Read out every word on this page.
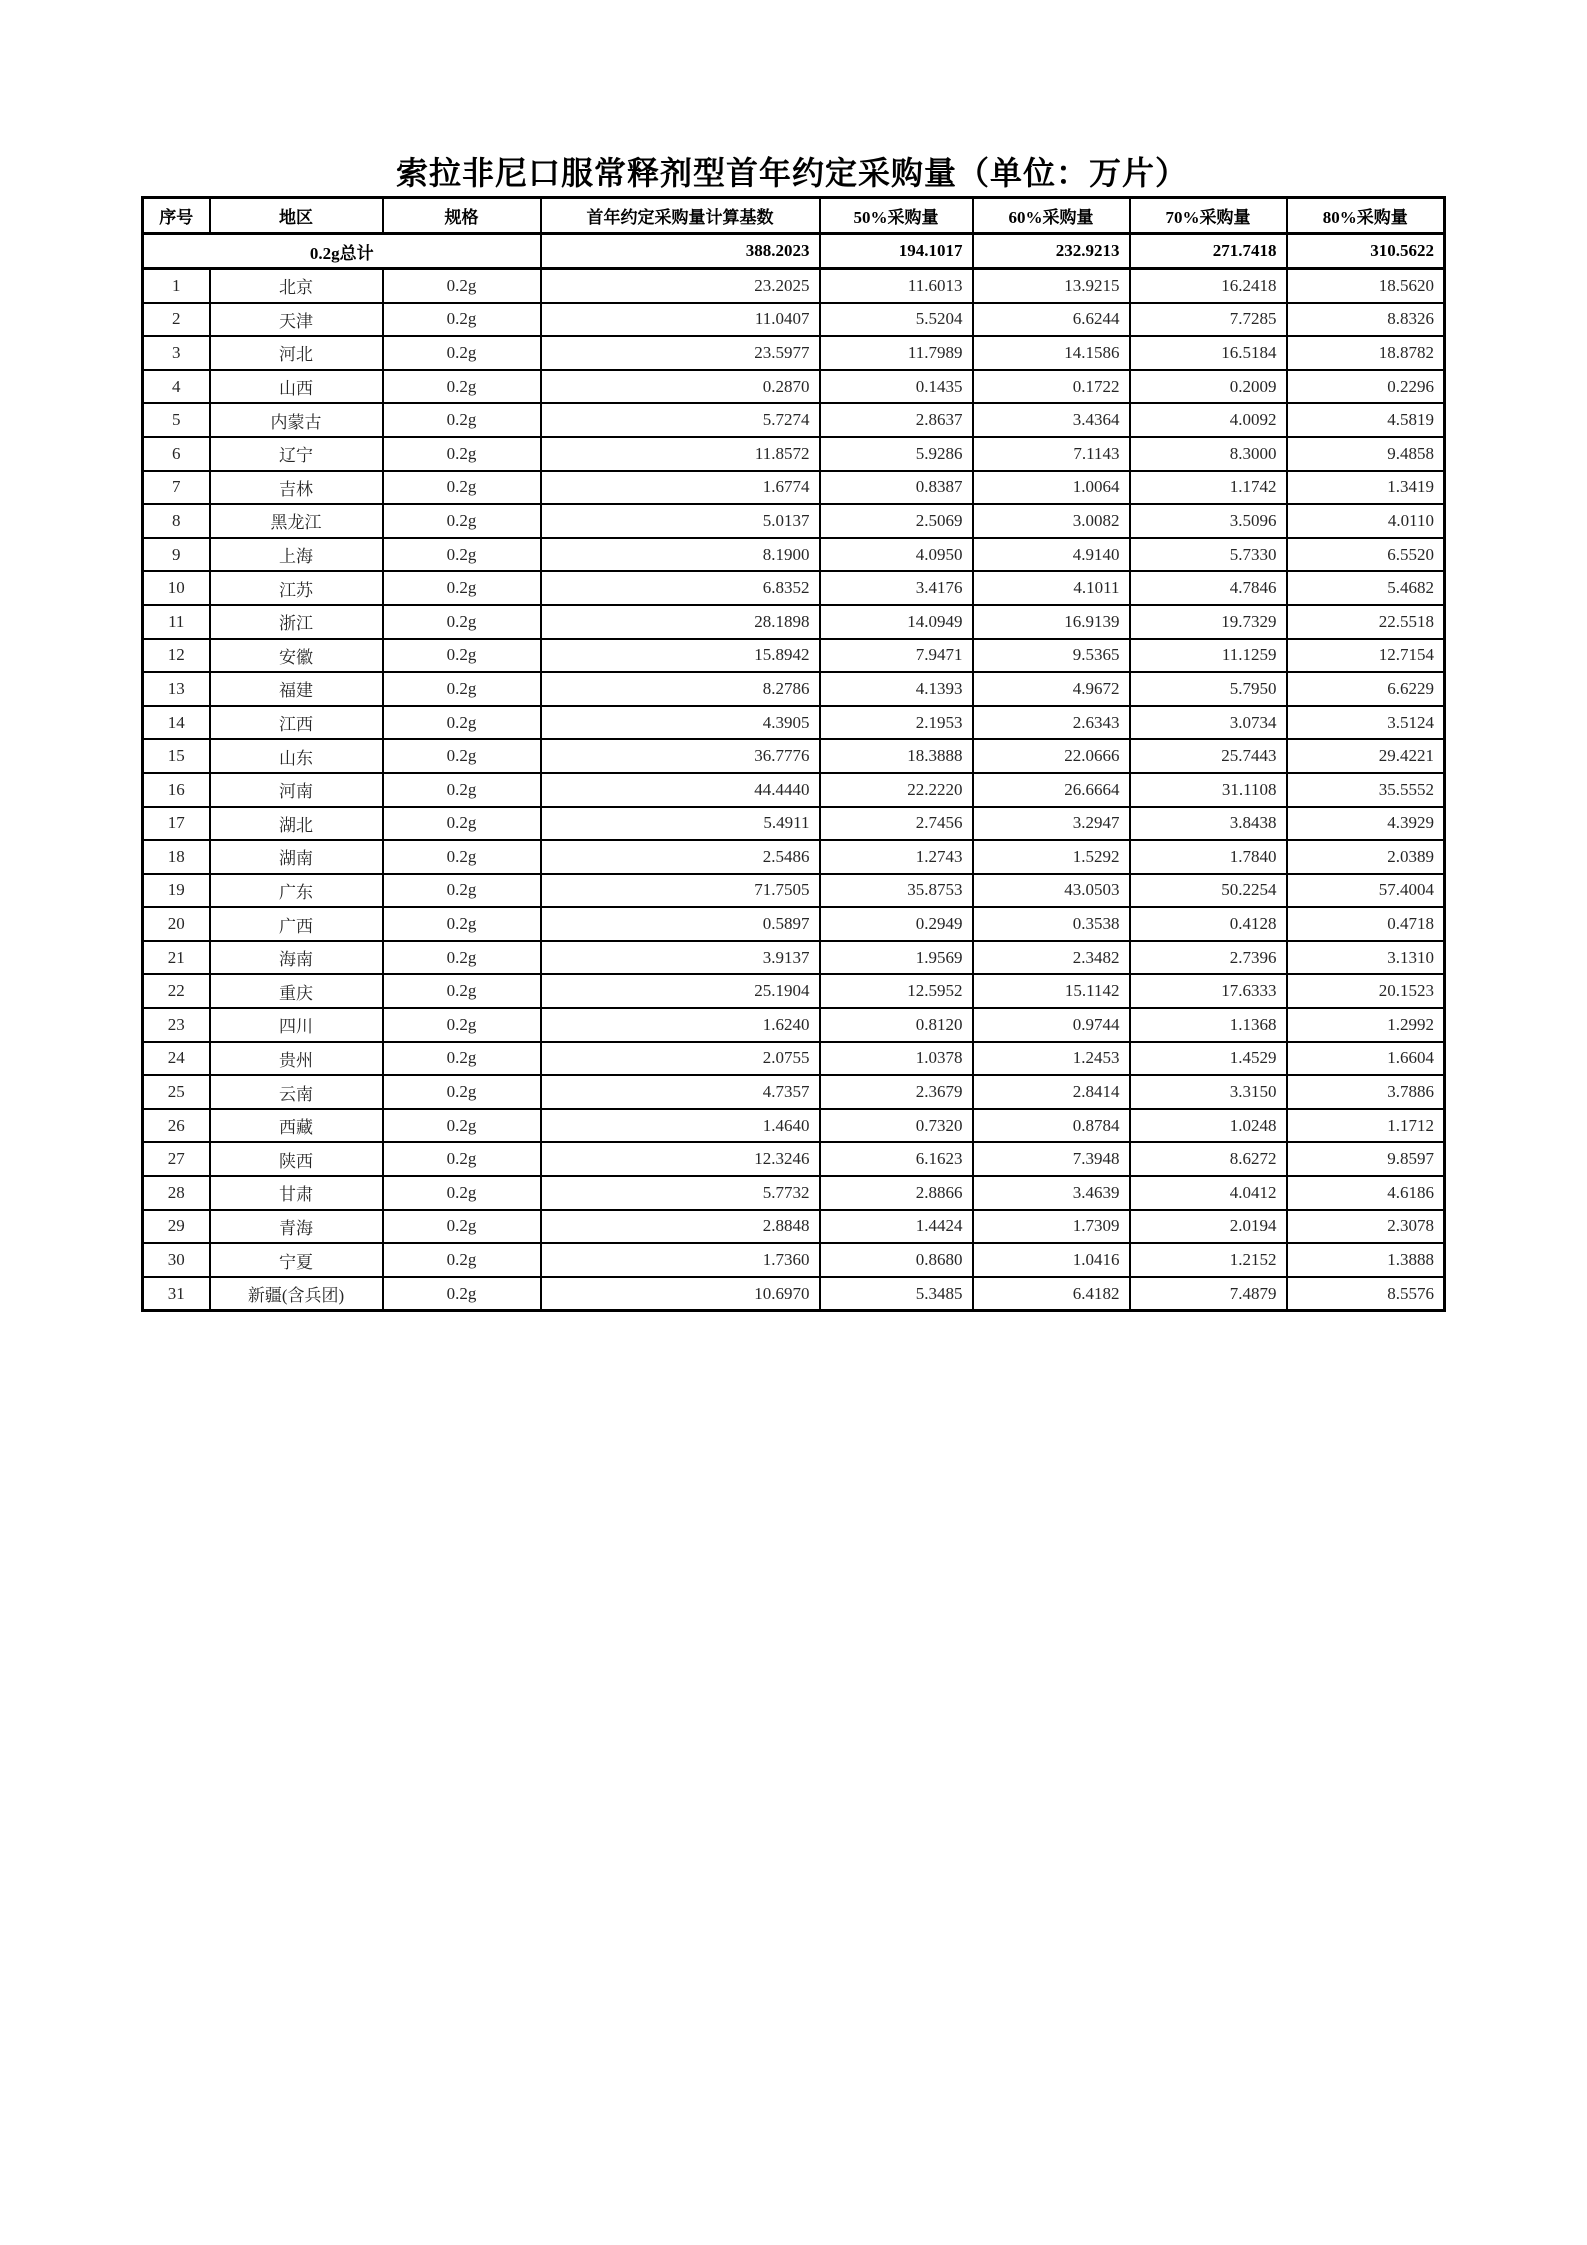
索拉非尼口服常释剂型首年约定采购量（单位：万片）
序号	地区	规格	首年约定采购量计算基数	50%采购量	60%采购量	70%采购量	80%采购量
0.2g总计			388.2023	194.1017	232.9213	271.7418	310.5622
1	北京	0.2g	23.2025	11.6013	13.9215	16.2418	18.5620
2	天津	0.2g	11.0407	5.5204	6.6244	7.7285	8.8326
3	河北	0.2g	23.5977	11.7989	14.1586	16.5184	18.8782
4	山西	0.2g	0.2870	0.1435	0.1722	0.2009	0.2296
5	内蒙古	0.2g	5.7274	2.8637	3.4364	4.0092	4.5819
6	辽宁	0.2g	11.8572	5.9286	7.1143	8.3000	9.4858
7	吉林	0.2g	1.6774	0.8387	1.0064	1.1742	1.3419
8	黑龙江	0.2g	5.0137	2.5069	3.0082	3.5096	4.0110
9	上海	0.2g	8.1900	4.0950	4.9140	5.7330	6.5520
10	江苏	0.2g	6.8352	3.4176	4.1011	4.7846	5.4682
11	浙江	0.2g	28.1898	14.0949	16.9139	19.7329	22.5518
12	安徽	0.2g	15.8942	7.9471	9.5365	11.1259	12.7154
13	福建	0.2g	8.2786	4.1393	4.9672	5.7950	6.6229
14	江西	0.2g	4.3905	2.1953	2.6343	3.0734	3.5124
15	山东	0.2g	36.7776	18.3888	22.0666	25.7443	29.4221
16	河南	0.2g	44.4440	22.2220	26.6664	31.1108	35.5552
17	湖北	0.2g	5.4911	2.7456	3.2947	3.8438	4.3929
18	湖南	0.2g	2.5486	1.2743	1.5292	1.7840	2.0389
19	广东	0.2g	71.7505	35.8753	43.0503	50.2254	57.4004
20	广西	0.2g	0.5897	0.2949	0.3538	0.4128	0.4718
21	海南	0.2g	3.9137	1.9569	2.3482	2.7396	3.1310
22	重庆	0.2g	25.1904	12.5952	15.1142	17.6333	20.1523
23	四川	0.2g	1.6240	0.8120	0.9744	1.1368	1.2992
24	贵州	0.2g	2.0755	1.0378	1.2453	1.4529	1.6604
25	云南	0.2g	4.7357	2.3679	2.8414	3.3150	3.7886
26	西藏	0.2g	1.4640	0.7320	0.8784	1.0248	1.1712
27	陕西	0.2g	12.3246	6.1623	7.3948	8.6272	9.8597
28	甘肃	0.2g	5.7732	2.8866	3.4639	4.0412	4.6186
29	青海	0.2g	2.8848	1.4424	1.7309	2.0194	2.3078
30	宁夏	0.2g	1.7360	0.8680	1.0416	1.2152	1.3888
31	新疆(含兵团)	0.2g	10.6970	5.3485	6.4182	7.4879	8.5576
